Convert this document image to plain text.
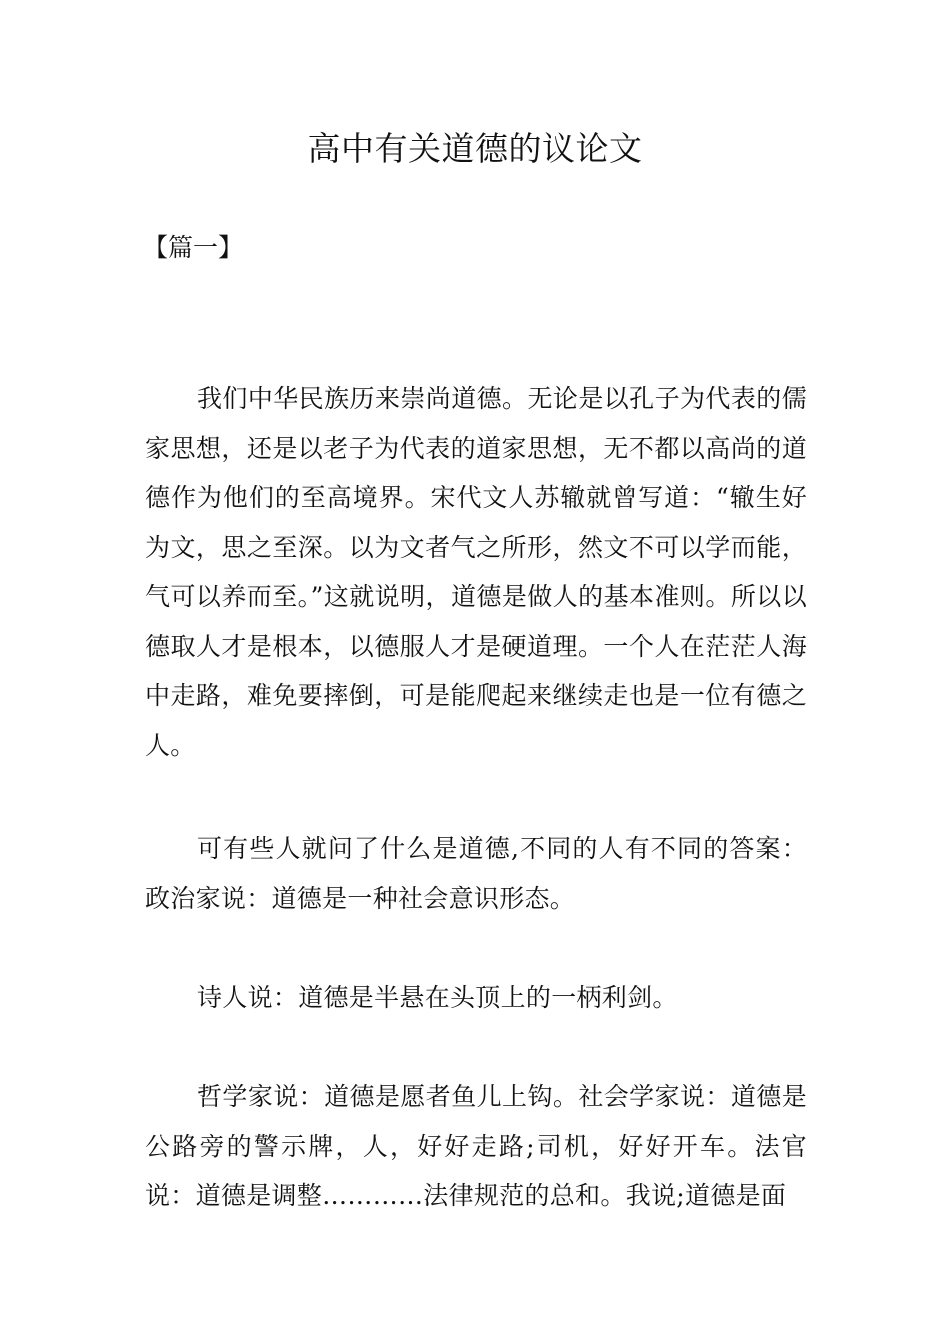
高中有关道德的议论文

【篇一】

我们中华民族历来崇尚道德。无论是以孔子为代表的儒家思想，还是以老子为代表的道家思想，无不都以高尚的道德作为他们的至高境界。宋代文人苏辙就曾写道：“辙生好为文，思之至深。以为文者气之所形，然文不可以学而能，气可以养而至。”这就说明，道德是做人的基本准则。所以以德取人才是根本，以德服人才是硬道理。一个人在茫茫人海中走路，难免要摔倒，可是能爬起来继续走也是一位有德之人。

可有些人就问了什么是道德,不同的人有不同的答案：政治家说：道德是一种社会意识形态。

诗人说：道德是半悬在头顶上的一柄利剑。

哲学家说：道德是愿者鱼儿上钩。社会学家说：道德是公路旁的警示牌，人，好好走路;司机，好好开车。法官说：道德是调整…………法律规范的总和。我说;道德是面
